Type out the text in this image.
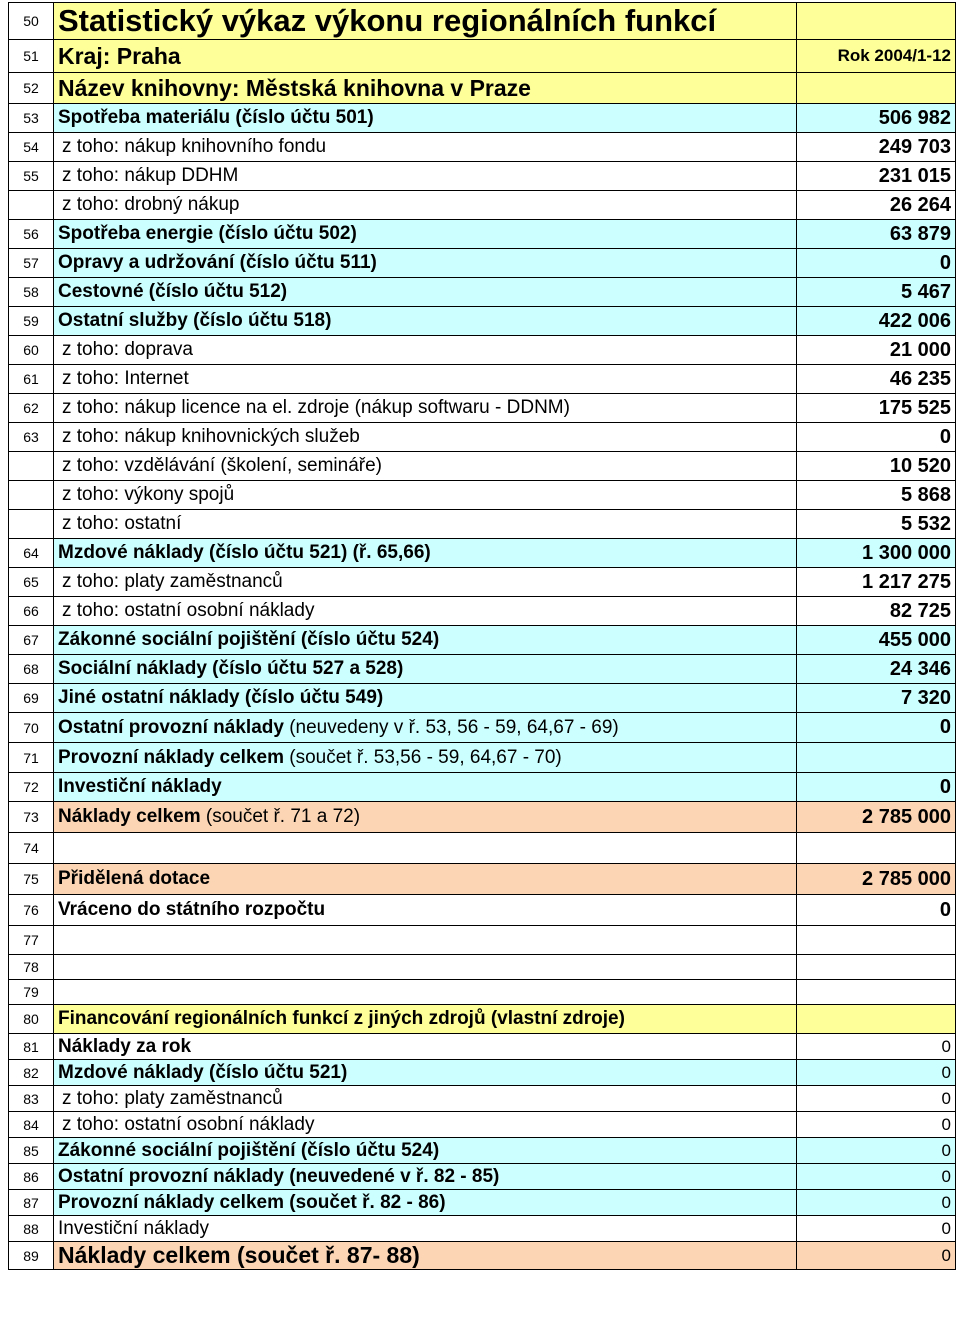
50	Statistický výkaz výkonu regionálních funkcí	
51	Kraj: Praha	Rok 2004/1-12
52	Název knihovny: Městská knihovna v Praze	
53	Spotřeba materiálu (číslo účtu 501)	506 982
54	z toho: nákup knihovního fondu	249 703
55	z toho: nákup DDHM	231 015
	z toho: drobný nákup	26 264
56	Spotřeba energie (číslo účtu 502)	63 879
57	Opravy a udržování (číslo účtu 511)	0
58	Cestovné (číslo účtu 512)	5 467
59	Ostatní služby (číslo účtu 518)	422 006
60	z toho: doprava	21 000
61	z toho: Internet	46 235
62	z toho: nákup licence na el. zdroje (nákup softwaru - DDNM)	175 525
63	z toho: nákup knihovnických služeb	0
	z toho: vzdělávání (školení, semináře)	10 520
	z toho: výkony spojů	5 868
	z toho: ostatní	5 532
64	Mzdové náklady (číslo účtu 521) (ř. 65,66)	1 300 000
65	z toho: platy zaměstnanců	1 217 275
66	z toho: ostatní osobní náklady	82 725
67	Zákonné sociální pojištění (číslo účtu 524)	455 000
68	Sociální náklady (číslo účtu 527 a 528)	24 346
69	Jiné ostatní náklady (číslo účtu 549)	7 320
70	Ostatní provozní náklady (neuvedeny v ř. 53, 56 - 59, 64,67 - 69)	0
71	Provozní náklady celkem (součet ř. 53,56 - 59, 64,67 - 70)	
72	Investiční náklady	0
73	Náklady celkem (součet ř. 71 a 72)	2 785 000
74		
75	Přidělená dotace	2 785 000
76	Vráceno do státního rozpočtu	0
77		
78		
79		
80	Financování regionálních funkcí z jiných zdrojů (vlastní zdroje)	
81	Náklady za rok	0
82	Mzdové náklady (číslo účtu 521)	0
83	z toho: platy zaměstnanců	0
84	z toho: ostatní osobní náklady	0
85	Zákonné sociální pojištění (číslo účtu 524)	0
86	Ostatní provozní náklady (neuvedené v ř. 82 - 85)	0
87	Provozní náklady celkem (součet ř. 82 - 86)	0
88	Investiční náklady	0
89	Náklady celkem (součet ř. 87- 88)	0
